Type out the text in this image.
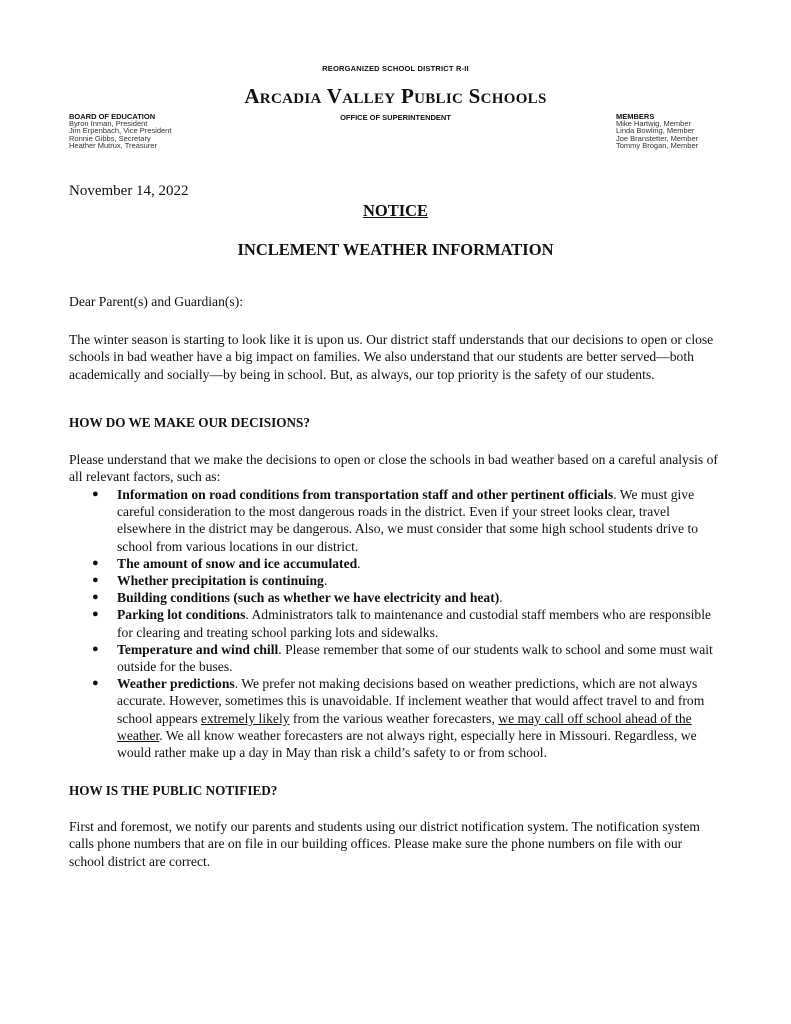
REORGANIZED SCHOOL DISTRICT R-II
Arcadia Valley Public Schools
OFFICE OF SUPERINTENDENT
BOARD OF EDUCATION
Byron Inman, President
Jim Erpenbach, Vice President
Ronnie Gibbs, Secretary
Heather Mutrux, Treasurer
MEMBERS
Mike Hartwig, Member
Linda Bowling, Member
Joe Branstetter, Member
Tommy Brogan, Member
November 14, 2022
NOTICE
INCLEMENT WEATHER INFORMATION
Dear Parent(s) and Guardian(s):
The winter season is starting to look like it is upon us. Our district staff understands that our decisions to open or close schools in bad weather have a big impact on families. We also understand that our students are better served—both academically and socially—by being in school. But, as always, our top priority is the safety of our students.
HOW DO WE MAKE OUR DECISIONS?
Please understand that we make the decisions to open or close the schools in bad weather based on a careful analysis of all relevant factors, such as:
● Information on road conditions from transportation staff and other pertinent officials. We must give careful consideration to the most dangerous roads in the district. Even if your street looks clear, travel elsewhere in the district may be dangerous. Also, we must consider that some high school students drive to school from various locations in our district.
● The amount of snow and ice accumulated.
● Whether precipitation is continuing.
● Building conditions (such as whether we have electricity and heat).
● Parking lot conditions. Administrators talk to maintenance and custodial staff members who are responsible for clearing and treating school parking lots and sidewalks.
● Temperature and wind chill. Please remember that some of our students walk to school and some must wait outside for the buses.
● Weather predictions. We prefer not making decisions based on weather predictions, which are not always accurate. However, sometimes this is unavoidable. If inclement weather that would affect travel to and from school appears extremely likely from the various weather forecasters, we may call off school ahead of the weather. We all know weather forecasters are not always right, especially here in Missouri. Regardless, we would rather make up a day in May than risk a child’s safety to or from school.
HOW IS THE PUBLIC NOTIFIED?
First and foremost, we notify our parents and students using our district notification system. The notification system calls phone numbers that are on file in our building offices. Please make sure the phone numbers on file with our school district are correct.
